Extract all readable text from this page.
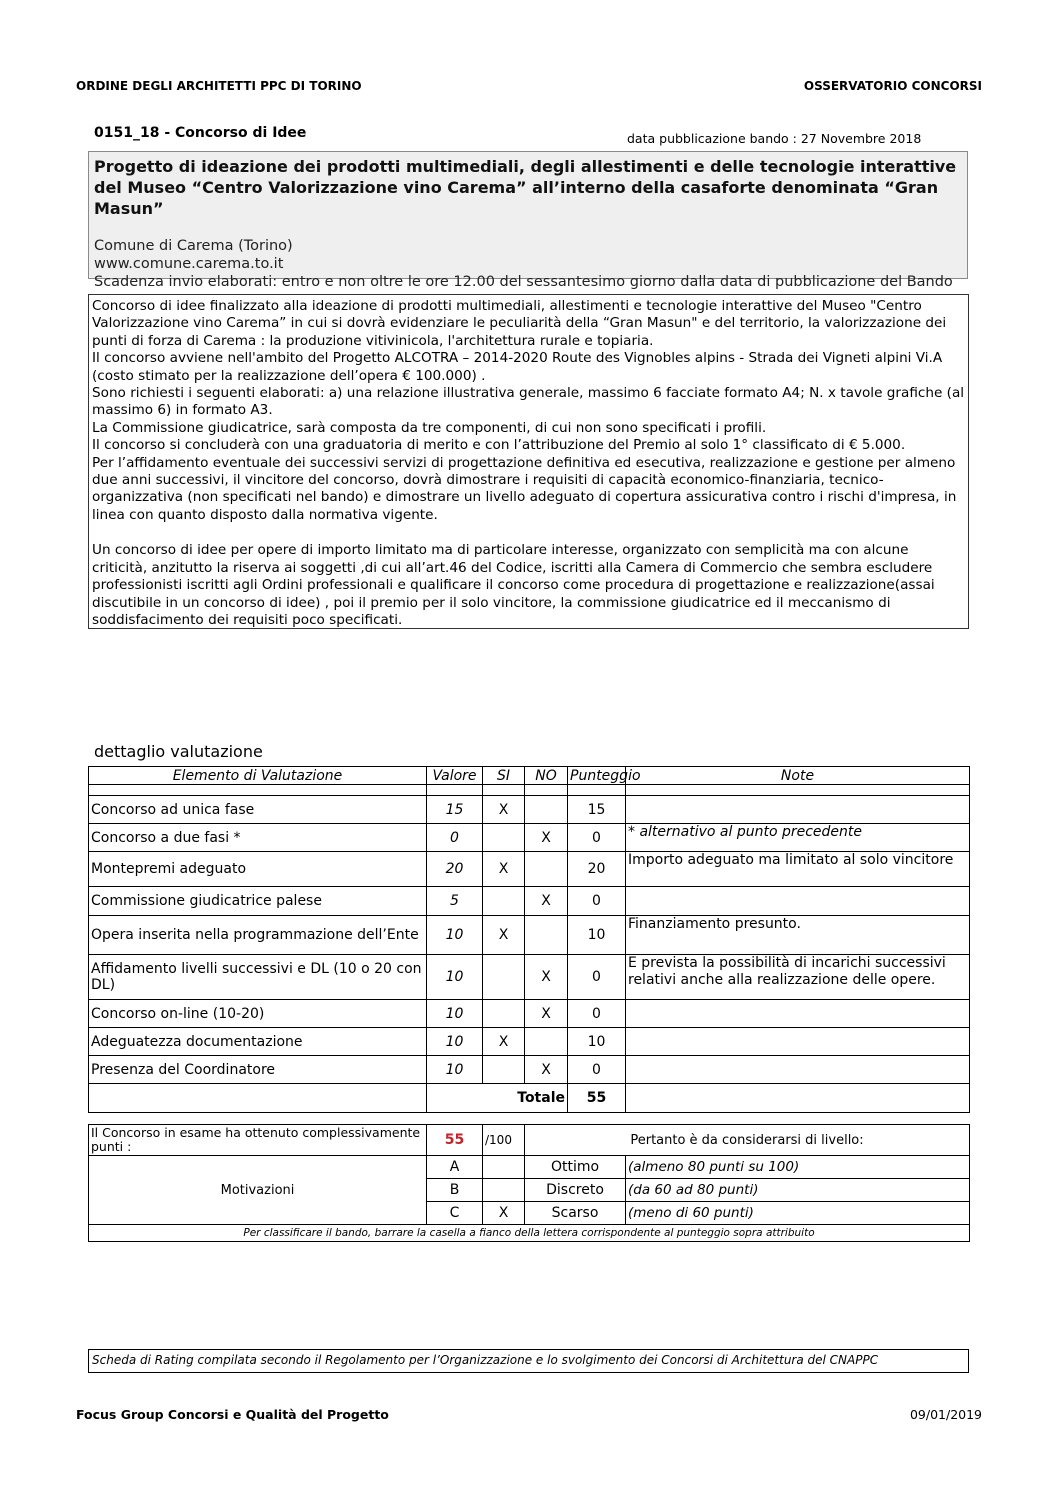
ORDINE DEGLI ARCHITETTI PPC DI TORINO	OSSERVATORIO CONCORSI
0151_18 - Concorso di Idee	data pubblicazione bando : 27 Novembre 2018
Progetto di ideazione dei prodotti multimediali, degli allestimenti e delle tecnologie interattive del Museo “Centro Valorizzazione vino Carema” all’interno della casaforte denominata “Gran Masun”
Comune di Carema (Torino)
www.comune.carema.to.it
Scadenza invio elaborati: entro e non oltre le ore 12.00 del sessantesimo giorno dalla data di pubblicazione del Bando

Concorso di idee finalizzato alla ideazione di prodotti multimediali, allestimenti e tecnologie interattive del Museo "Centro Valorizzazione vino Carema” in cui si dovrà evidenziare le peculiarità della “Gran Masun" e del territorio, la valorizzazione dei punti di forza di Carema : la produzione vitivinicola, l'architettura rurale e topiaria.
Il concorso avviene nell'ambito del Progetto ALCOTRA – 2014-2020 Route des Vignobles alpins - Strada dei Vigneti alpini Vi.A (costo stimato per la realizzazione dell’opera € 100.000) .
Sono richiesti i seguenti elaborati: a) una relazione illustrativa generale, massimo 6 facciate formato A4; N. x tavole grafiche (al massimo 6) in formato A3.
La Commissione giudicatrice, sarà composta da tre componenti, di cui non sono specificati i profili.
Il concorso si concluderà con una graduatoria di merito e con l’attribuzione del Premio al solo 1° classificato di € 5.000.
Per l’affidamento eventuale dei successivi servizi di progettazione definitiva ed esecutiva, realizzazione e gestione per almeno due anni successivi, il vincitore del concorso, dovrà dimostrare i requisiti di capacità economico-finanziaria, tecnico-organizzativa (non specificati nel bando) e dimostrare un livello adeguato di copertura assicurativa contro i rischi d'impresa, in linea con quanto disposto dalla normativa vigente.

Un concorso di idee per opere di importo limitato ma di particolare interesse, organizzato con semplicità ma con alcune criticità, anzitutto la riserva ai soggetti ,di cui all’art.46 del Codice, iscritti alla Camera di Commercio che sembra escludere professionisti iscritti agli Ordini professionali e qualificare il concorso come procedura di progettazione e realizzazione(assai discutibile in un concorso di idee) , poi il premio per il solo vincitore, la commissione giudicatrice ed il meccanismo di soddisfacimento dei requisiti poco specificati.

dettaglio valutazione
Elemento di Valutazione	Valore	SI	NO	Punteggio	Note

Concorso ad unica fase	15	X		15	
Concorso a due fasi *	0		X	0	* alternativo al punto precedente
Montepremi adeguato	20	X		20	Importo adeguato ma limitato al solo vincitore
Commissione giudicatrice palese	5		X	0	
Opera inserita nella programmazione dell’Ente	10	X		10	Finanziamento presunto.
Affidamento livelli successivi e DL (10 o 20 con DL)	10		X	0	E prevista la possibilità di incarichi successivi relativi anche alla realizzazione delle opere.
Concorso on-line (10-20)	10		X	0	
Adeguatezza documentazione	10	X		10	
Presenza del Coordinatore	10		X	0	
	Totale			55	
Il Concorso in esame ha ottenuto complessivamente punti :	55	/100	Pertanto è da considerarsi di livello:	
Motivazioni	A		Ottimo	(almeno 80 punti su 100)
	B		Discreto	(da 60 ad 80 punti)
	C	X	Scarso	(meno di 60 punti)
Per classificare il bando, barrare la casella a fianco della lettera corrispondente al punteggio sopra attribuito				
Scheda di Rating compilata secondo il Regolamento per l’Organizzazione e lo svolgimento dei Concorsi di Architettura del CNAPPC
Focus Group Concorsi e Qualità del Progetto	09/01/2019
